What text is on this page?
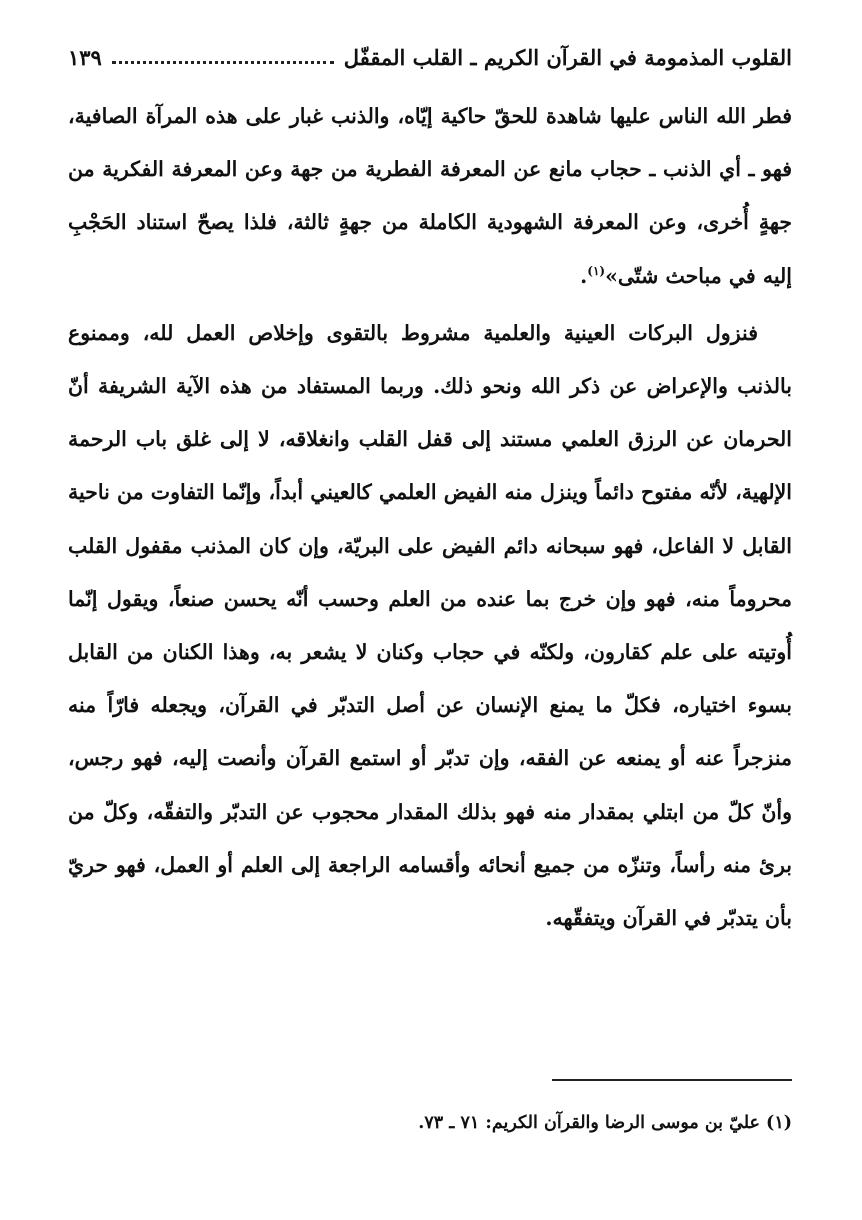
القلوب المذمومة في القرآن الكريم ـ القلب المقفّل
١٣٩

فطر الله الناس عليها شاهدة للحقّ حاكية إيّاه، والذنب غبار على هذه المرآة الصافية، فهو ـ أي الذنب ـ حجاب مانع عن المعرفة الفطرية من جهة وعن المعرفة الفكرية من جهةٍ أُخرى، وعن المعرفة الشهودية الكاملة من جهةٍ ثالثة، فلذا يصحّ استناد الحَجْبِ إليه في مباحث شتّى»$^{(١)}$.

فنزول البركات العينية والعلمية مشروط بالتقوى وإخلاص العمل لله، وممنوع بالذنب والإعراض عن ذكر الله ونحو ذلك. وربما المستفاد من هذه الآية الشريفة أنّ الحرمان عن الرزق العلمي مستند إلى قفل القلب وانغلاقه، لا إلى غلق باب الرحمة الإلهية، لأنّه مفتوح دائماً وينزل منه الفيض العلمي كالعيني أبداً، وإنّما التفاوت من ناحية القابل لا الفاعل، فهو سبحانه دائم الفيض على البريّة، وإن كان المذنب مقفول القلب محروماً منه، فهو وإن خرج بما عنده من العلم وحسب أنّه يحسن صنعاً، ويقول إنّما أُوتيته على علم كقارون، ولكنّه في حجاب وكنان لا يشعر به، وهذا الكنان من القابل بسوء اختياره، فكلّ ما يمنع الإنسان عن أصل التدبّر في القرآن، ويجعله فارّاً منه منزجراً عنه أو يمنعه عن الفقه، وإن تدبّر أو استمع القرآن وأنصت إليه، فهو رجس، وأنّ كلّ من ابتلي بمقدار منه فهو بذلك المقدار محجوب عن التدبّر والتفقّه، وكلّ من برئ منه رأساً، وتنزّه من جميع أنحائه وأقسامه الراجعة إلى العلم أو العمل، فهو حريّ بأن يتدبّر في القرآن ويتفقّهه.

(١) عليّ بن موسى الرضا والقرآن الكريم: ٧١ ـ ٧٣.
